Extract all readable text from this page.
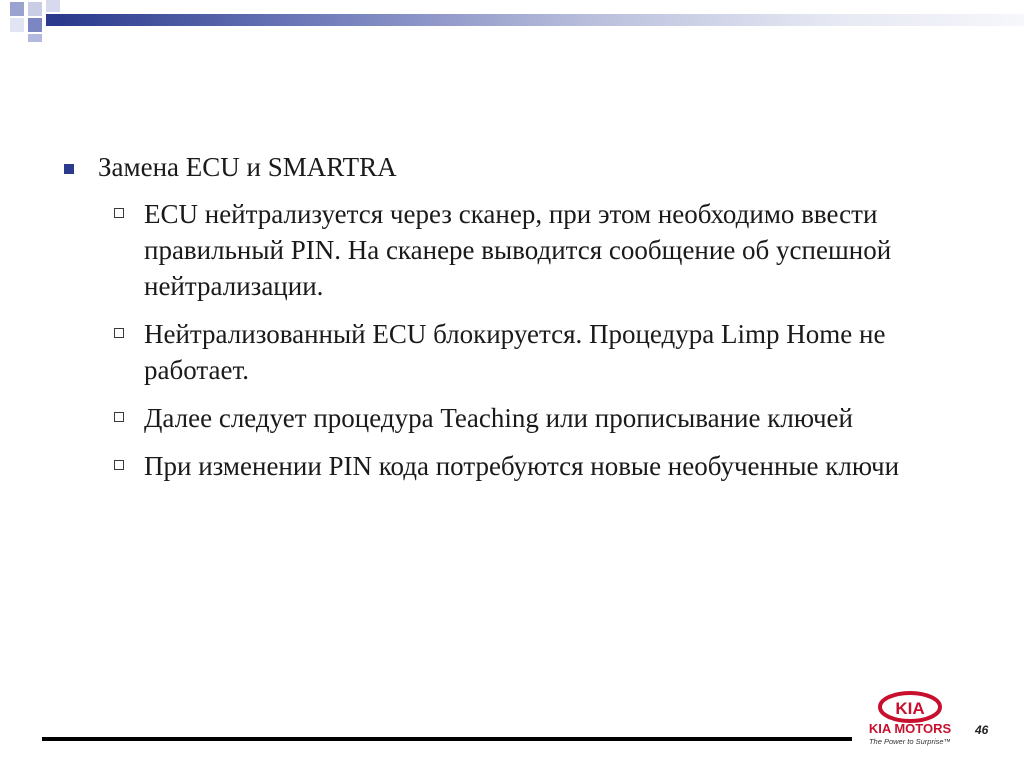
Замена ECU и SMARTRA
ECU нейтрализуется через сканер, при этом необходимо ввести правильный PIN. На сканере выводится сообщение об успешной нейтрализации.
Нейтрализованный ECU блокируется. Процедура Limp Home не работает.
Далее следует процедура Teaching или прописывание ключей
При изменении PIN кода потребуются новые необученные ключи
KIA
KIA MOTORS
The Power to Surprise™
46
